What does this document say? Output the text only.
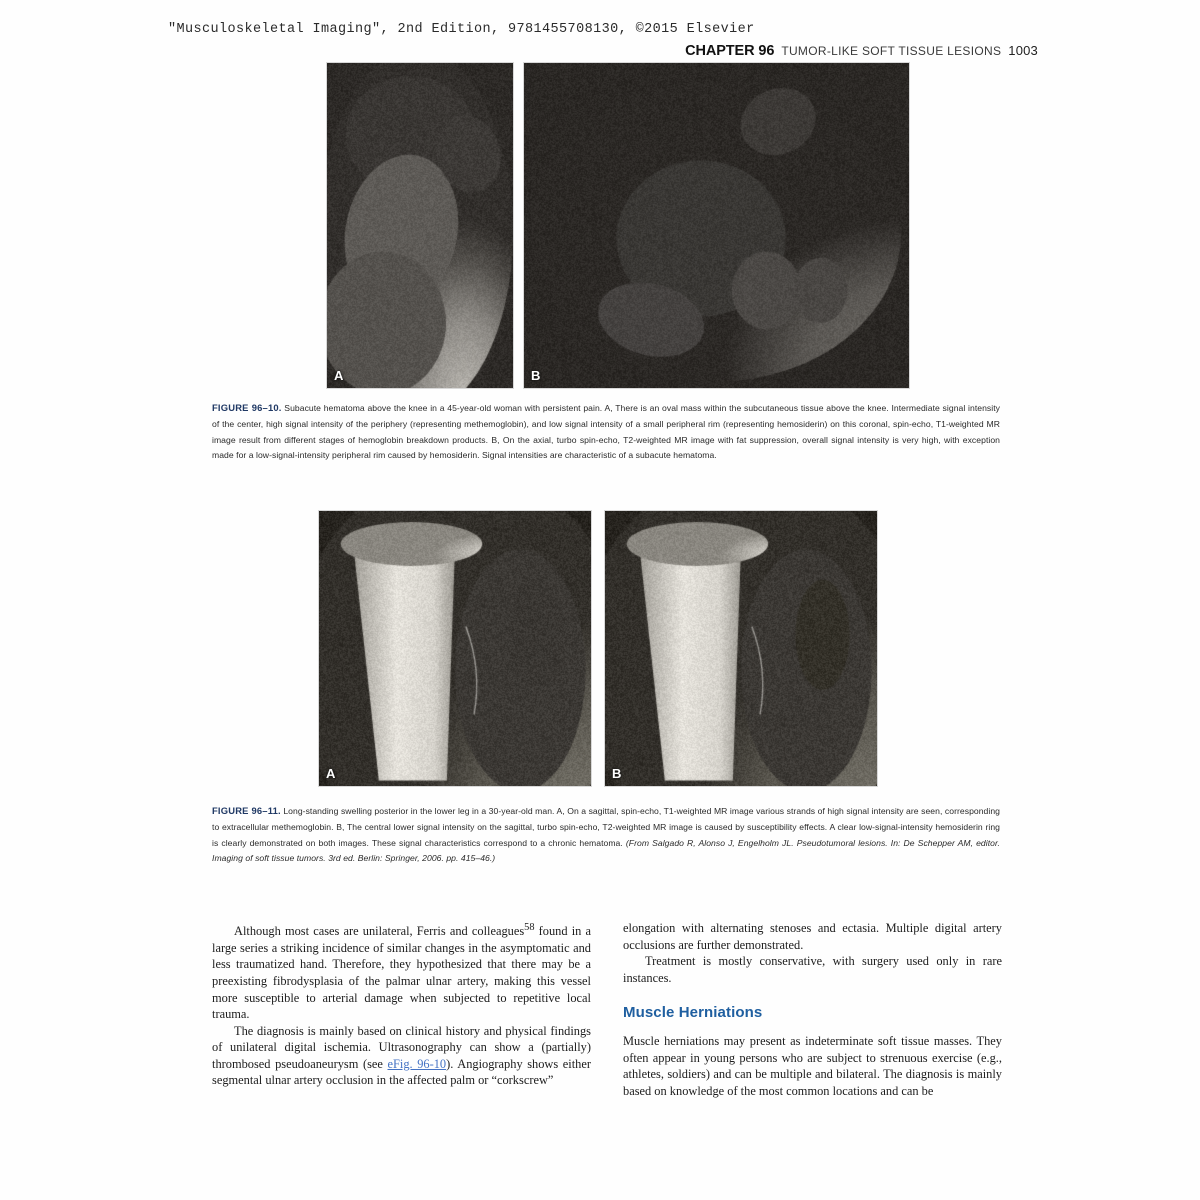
"Musculoskeletal Imaging", 2nd Edition, 9781455708130, ©2015 Elsevier
CHAPTER 96 TUMOR-LIKE SOFT TISSUE LESIONS 1003
A	B
FIGURE 96–10. Subacute hematoma above the knee in a 45-year-old woman with persistent pain. A, There is an oval mass within the subcutaneous tissue above the knee. Intermediate signal intensity of the center, high signal intensity of the periphery (representing methemoglobin), and low signal intensity of a small peripheral rim (representing hemosiderin) on this coronal, spin-echo, T1-weighted MR image result from different stages of hemoglobin breakdown products. B, On the axial, turbo spin-echo, T2-weighted MR image with fat suppression, overall signal intensity is very high, with exception made for a low-signal-intensity peripheral rim caused by hemosiderin. Signal intensities are characteristic of a subacute hematoma.
A	B
FIGURE 96–11. Long-standing swelling posterior in the lower leg in a 30-year-old man. A, On a sagittal, spin-echo, T1-weighted MR image various strands of high signal intensity are seen, corresponding to extracellular methemoglobin. B, The central lower signal intensity on the sagittal, turbo spin-echo, T2-weighted MR image is caused by susceptibility effects. A clear low-signal-intensity hemosiderin ring is clearly demonstrated on both images. These signal characteristics correspond to a chronic hematoma. (From Salgado R, Alonso J, Engelholm JL. Pseudotumoral lesions. In: De Schepper AM, editor. Imaging of soft tissue tumors. 3rd ed. Berlin: Springer, 2006. pp. 415–46.)

Although most cases are unilateral, Ferris and colleagues$^{58}$ found in a large series a striking incidence of similar changes in the asymptomatic and less traumatized hand. Therefore, they hypothesized that there may be a preexisting fibrodysplasia of the palmar ulnar artery, making this vessel more susceptible to arterial damage when subjected to repetitive local trauma.

The diagnosis is mainly based on clinical history and physical findings of unilateral digital ischemia. Ultrasonography can show a (partially) thrombosed pseudoaneurysm (see eFig. 96-10). Angiography shows either segmental ulnar artery occlusion in the affected palm or “corkscrew”

elongation with alternating stenoses and ectasia. Multiple digital artery occlusions are further demonstrated.

Treatment is mostly conservative, with surgery used only in rare instances.

Muscle Herniations

Muscle herniations may present as indeterminate soft tissue masses. They often appear in young persons who are subject to strenuous exercise (e.g., athletes, soldiers) and can be multiple and bilateral. The diagnosis is mainly based on knowledge of the most common locations and can be
